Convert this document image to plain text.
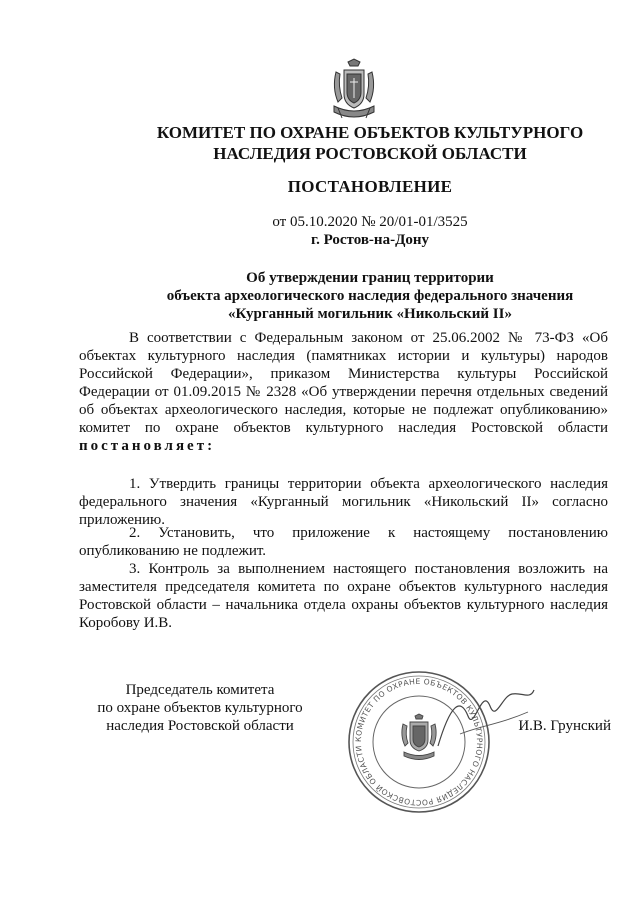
КОМИТЕТ ПО ОХРАНЕ ОБЪЕКТОВ КУЛЬТУРНОГО
НАСЛЕДИЯ РОСТОВСКОЙ ОБЛАСТИ
ПОСТАНОВЛЕНИЕ
от 05.10.2020 № 20/01-01/3525
г. Ростов-на-Дону
Об утверждении границ территории
объекта археологического наследия федерального значения
«Курганный могильник «Никольский II»
В соответствии с Федеральным законом от 25.06.2002 № 73-ФЗ «Об объектах культурного наследия (памятниках истории и культуры) народов Российской Федерации», приказом Министерства культуры Российской Федерации от 01.09.2015 № 2328 «Об утверждении перечня отдельных сведений об объектах археологического наследия, которые не подлежат опубликованию» комитет по охране объектов культурного наследия Ростовской области постановляет:
1. Утвердить границы территории объекта археологического наследия федерального значения «Курганный могильник «Никольский II» согласно приложению.
2. Установить, что приложение к настоящему постановлению опубликованию не подлежит.
3. Контроль за выполнением настоящего постановления возложить на заместителя председателя комитета по охране объектов культурного наследия Ростовской области – начальника отдела охраны объектов культурного наследия Коробову И.В.
Председатель комитета
по охране объектов культурного
наследия Ростовской области
КОМИТЕТ ПО ОХРАНЕ ОБЪЕКТОВ КУЛЬТУРНОГО НАСЛЕДИЯ РОСТОВСКОЙ ОБЛАСТИ
И.В. Грунский
